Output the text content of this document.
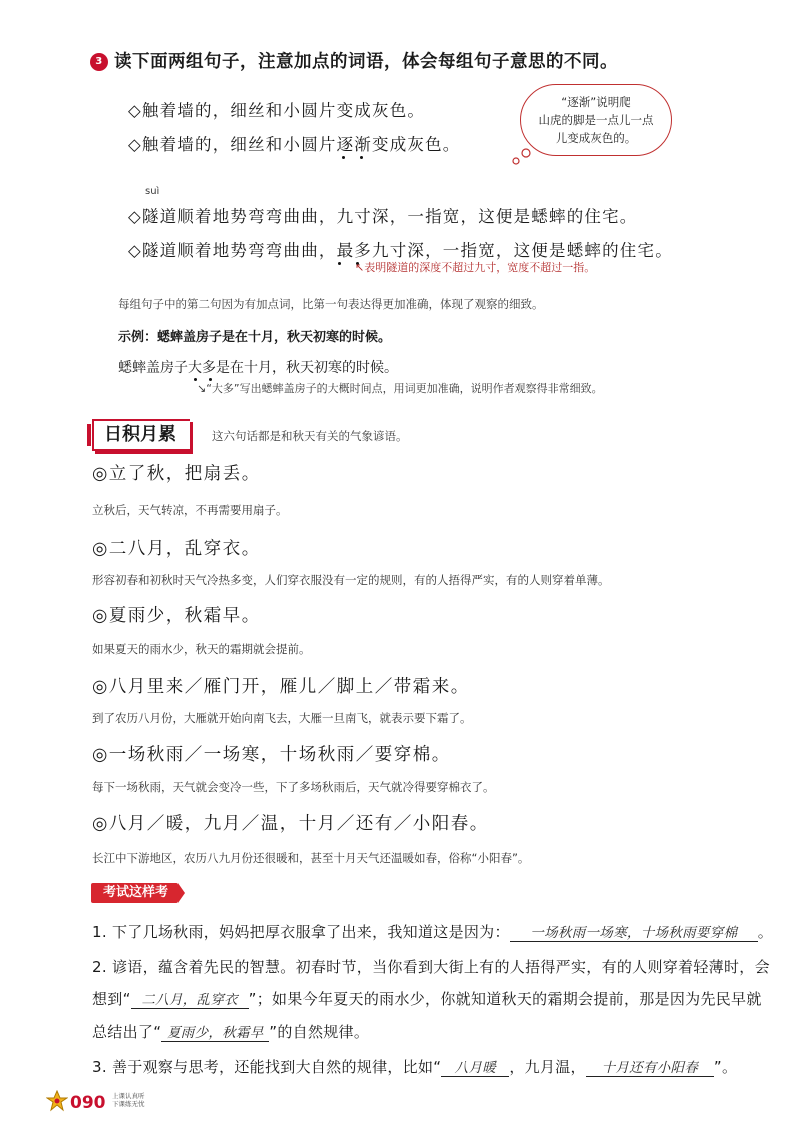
3 读下面两组句子，注意加点的词语，体会每组句子意思的不同。
◇触着墙的，细丝和小圆片变成灰色。
◇触着墙的，细丝和小圆片逐渐变成灰色。
“逐渐”说明爬
山虎的脚是一点儿一点
儿变成灰色的。
suì
◇隧道顺着地势弯弯曲曲，九寸深，一指宽，这便是蟋蟀的住宅。
◇隧道顺着地势弯弯曲曲，最多九寸深，一指宽，这便是蟋蟀的住宅。
↖表明隧道的深度不超过九寸，宽度不超过一指。
每组句子中的第二句因为有加点词，比第一句表达得更加准确，体现了观察的细致。
示例：蟋蟀盖房子是在十月，秋天初寒的时候。
蟋蟀盖房子大多是在十月，秋天初寒的时候。
↘“大多”写出蟋蟀盖房子的大概时间点，用词更加准确，说明作者观察得非常细致。
日积月累	这六句话都是和秋天有关的气象谚语。
◎立了秋，把扇丢。
立秋后，天气转凉，不再需要用扇子。
◎二八月，乱穿衣。
形容初春和初秋时天气冷热多变，人们穿衣服没有一定的规则，有的人捂得严实，有的人则穿着单薄。
◎夏雨少，秋霜早。
如果夏天的雨水少，秋天的霜期就会提前。
◎八月里来／雁门开，雁儿／脚上／带霜来。
到了农历八月份，大雁就开始向南飞去，大雁一旦南飞，就表示要下霜了。
◎一场秋雨／一场寒，十场秋雨／要穿棉。
每下一场秋雨，天气就会变冷一些，下了多场秋雨后，天气就冷得要穿棉衣了。
◎八月／暖，九月／温，十月／还有／小阳春。
长江中下游地区，农历八九月份还很暖和，甚至十月天气还温暖如春，俗称“小阳春”。
考试这样考
1. 下了几场秋雨，妈妈把厚衣服拿了出来，我知道这是因为： 一场秋雨一场寒，十场秋雨要穿棉 。
2. 谚语，蕴含着先民的智慧。初春时节，当你看到大街上有的人捂得严实，有的人则穿着轻薄时，会
想到“ 二八月，乱穿衣 ”；如果今年夏天的雨水少，你就知道秋天的霜期会提前，那是因为先民早就
总结出了“ 夏雨少，秋霜早 ”的自然规律。
3. 善于观察与思考，还能找到大自然的规律，比如“ 八月暖 ，九月温， 十月还有小阳春 ”。
090 上课认真听
下课练无忧
